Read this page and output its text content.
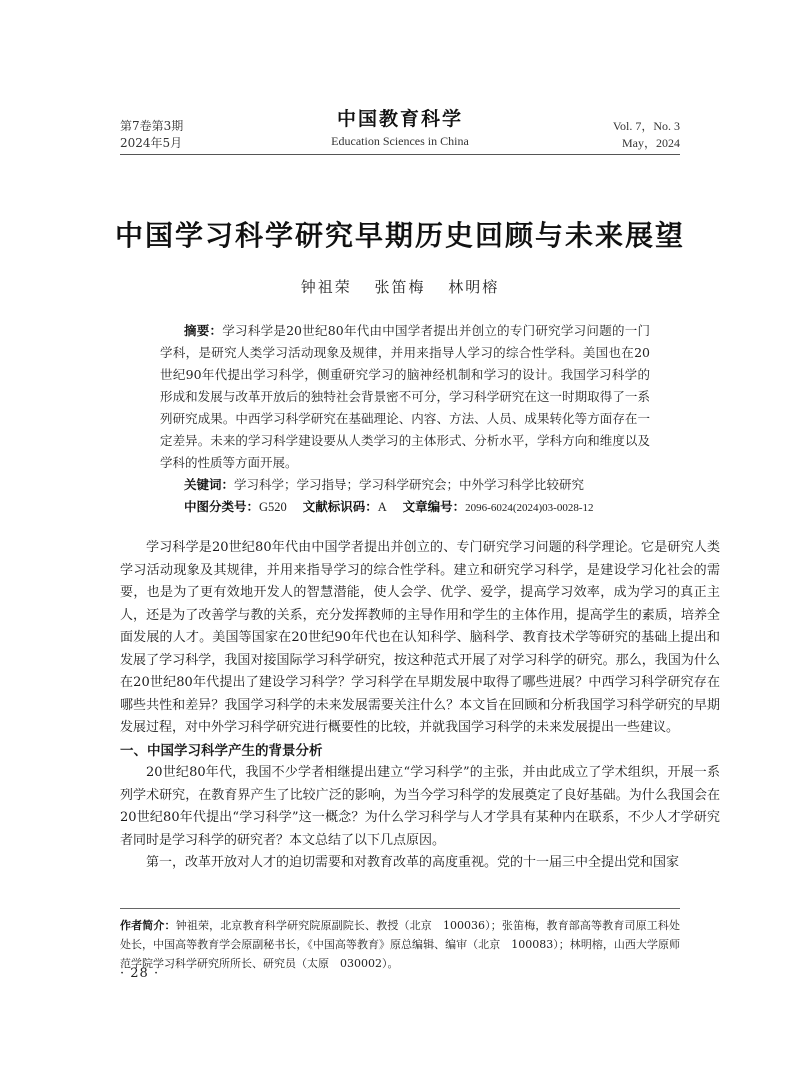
第7卷第3期
2024年5月
中国教育科学
Education Sciences in China
Vol. 7，No. 3
May，2024
中国学习科学研究早期历史回顾与未来展望
钟祖荣 张笛梅 林明榕

摘要：学习科学是20世纪80年代由中国学者提出并创立的专门研究学习问题的一门学科，是研究人类学习活动现象及规律，并用来指导人学习的综合性学科。美国也在20世纪90年代提出学习科学，侧重研究学习的脑神经机制和学习的设计。我国学习科学的形成和发展与改革开放后的独特社会背景密不可分，学习科学研究在这一时期取得了一系列研究成果。中西学习科学研究在基础理论、内容、方法、人员、成果转化等方面存在一定差异。未来的学习科学建设要从人类学习的主体形式、分析水平，学科方向和维度以及学科的性质等方面开展。

关键词：学习科学；学习指导；学习科学研究会；中外学习科学比较研究

中图分类号：G520 文献标识码：A 文章编号：2096-6024(2024)03-0028-12

学习科学是20世纪80年代由中国学者提出并创立的、专门研究学习问题的科学理论。它是研究人类学习活动现象及其规律，并用来指导学习的综合性学科。建立和研究学习科学，是建设学习化社会的需要，也是为了更有效地开发人的智慧潜能，使人会学、优学、爱学，提高学习效率，成为学习的真正主人，还是为了改善学与教的关系，充分发挥教师的主导作用和学生的主体作用，提高学生的素质，培养全面发展的人才。美国等国家在20世纪90年代也在认知科学、脑科学、教育技术学等研究的基础上提出和发展了学习科学，我国对接国际学习科学研究，按这种范式开展了对学习科学的研究。那么，我国为什么在20世纪80年代提出了建设学习科学？学习科学在早期发展中取得了哪些进展？中西学习科学研究存在哪些共性和差异？我国学习科学的未来发展需要关注什么？本文旨在回顾和分析我国学习科学研究的早期发展过程，对中外学习科学研究进行概要性的比较，并就我国学习科学的未来发展提出一些建议。

一、中国学习科学产生的背景分析

20世纪80年代，我国不少学者相继提出建立“学习科学”的主张，并由此成立了学术组织，开展一系列学术研究，在教育界产生了比较广泛的影响，为当今学习科学的发展奠定了良好基础。为什么我国会在20世纪80年代提出“学习科学”这一概念？为什么学习科学与人才学具有某种内在联系，不少人才学研究者同时是学习科学的研究者？本文总结了以下几点原因。

第一，改革开放对人才的迫切需要和对教育改革的高度重视。党的十一届三中全提出党和国家

作者简介：钟祖荣，北京教育科学研究院原副院长、教授（北京　100036）；张笛梅，教育部高等教育司原工科处处长，中国高等教育学会原副秘书长，《中国高等教育》原总编辑、编审（北京　100083）；林明榕，山西大学原师范学院学习科学研究所所长、研究员（太原　030002）。
· 28 ·
